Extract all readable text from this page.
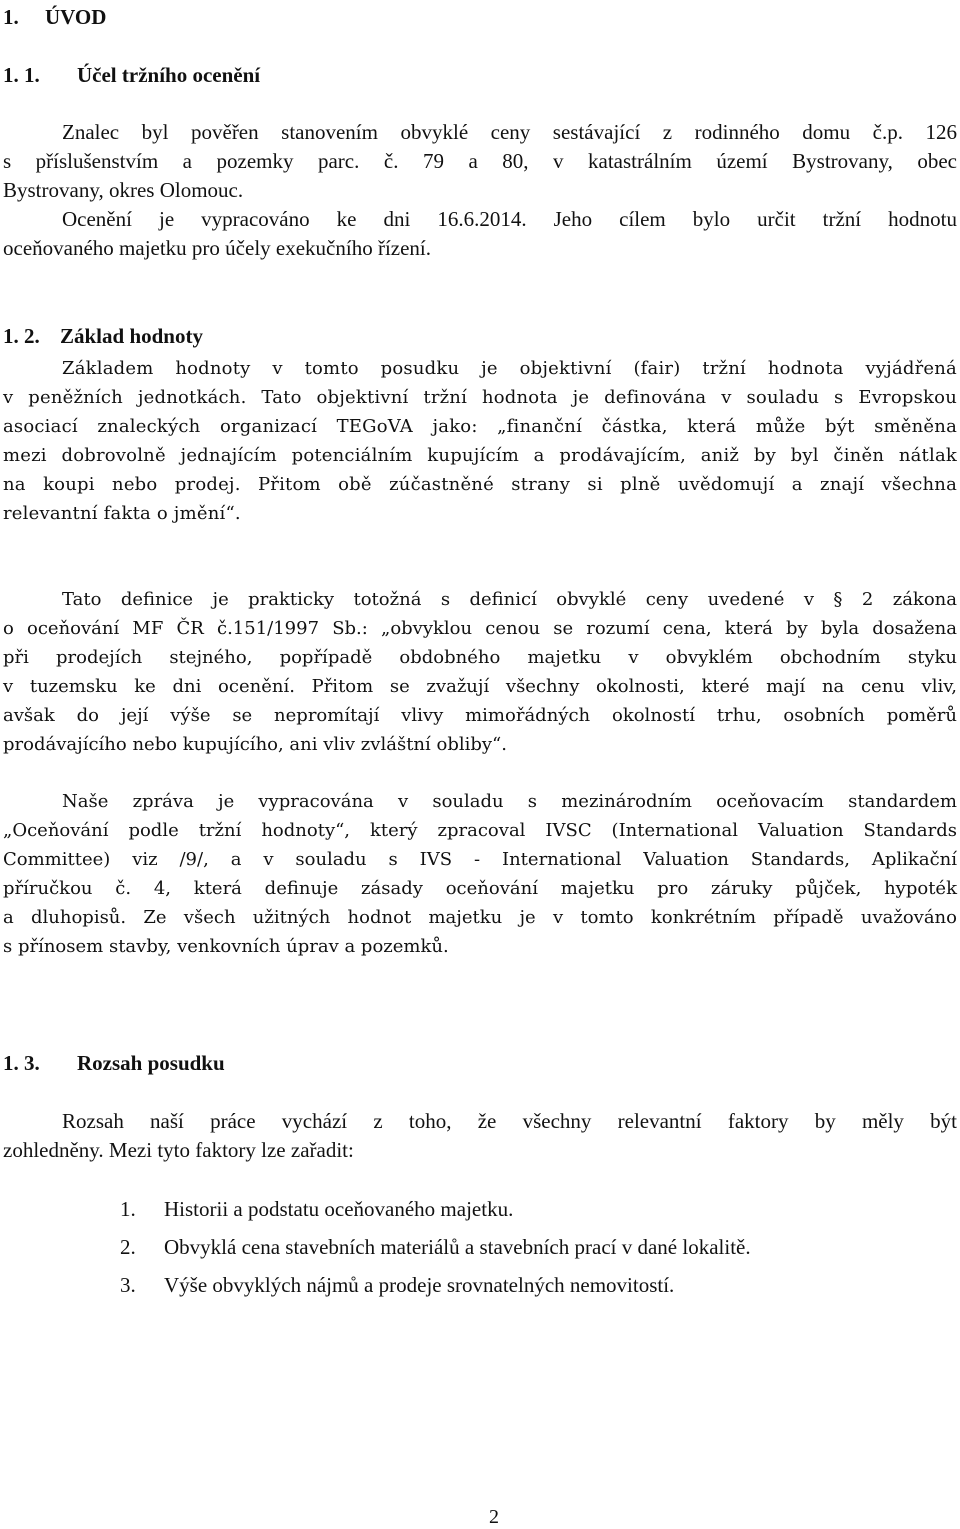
1. ÚVOD
1. 1. Účel tržního ocenění
Znalec byl pověřen stanovením obvyklé ceny sestávající z rodinného domu č.p. 126
s příslušenstvím a pozemky parc. č. 79 a 80, v katastrálním území Bystrovany, obec
Bystrovany, okres Olomouc.
Ocenění je vypracováno ke dni 16.6.2014. Jeho cílem bylo určit tržní hodnotu
oceňovaného majetku pro účely exekučního řízení.
1. 2. Základ hodnoty
Základem hodnoty v tomto posudku je objektivní (fair) tržní hodnota vyjádřená
v peněžních jednotkách. Tato objektivní tržní hodnota je definována v souladu s Evropskou
asociací znaleckých organizací TEGoVA jako: „finanční částka, která může být směněna
mezi dobrovolně jednajícím potenciálním kupujícím a prodávajícím, aniž by byl činěn nátlak
na koupi nebo prodej. Přitom obě zúčastněné strany si plně uvědomují a znají všechna
relevantní fakta o jmění“.
Tato definice je prakticky totožná s definicí obvyklé ceny uvedené v § 2 zákona
o oceňování MF ČR č.151/1997 Sb.: „obvyklou cenou se rozumí cena, která by byla dosažena
při prodejích stejného, popřípadě obdobného majetku v obvyklém obchodním styku
v tuzemsku ke dni ocenění. Přitom se zvažují všechny okolnosti, které mají na cenu vliv,
avšak do její výše se nepromítají vlivy mimořádných okolností trhu, osobních poměrů
prodávajícího nebo kupujícího, ani vliv zvláštní obliby“.
Naše zpráva je vypracována v souladu s mezinárodním oceňovacím standardem
„Oceňování podle tržní hodnoty“, který zpracoval IVSC (International Valuation Standards
Committee) viz /9/, a v souladu s IVS - International Valuation Standards, Aplikační
příručkou č. 4, která definuje zásady oceňování majetku pro záruky půjček, hypoték
a dluhopisů. Ze všech užitných hodnot majetku je v tomto konkrétním případě uvažováno
s přínosem stavby, venkovních úprav a pozemků.
1. 3. Rozsah posudku
Rozsah naší práce vychází z toho, že všechny relevantní faktory by měly být
zohledněny. Mezi tyto faktory lze zařadit:
1. Historii a podstatu oceňovaného majetku.
2. Obvyklá cena stavebních materiálů a stavebních prací v dané lokalitě.
3. Výše obvyklých nájmů a prodeje srovnatelných nemovitostí.
2
